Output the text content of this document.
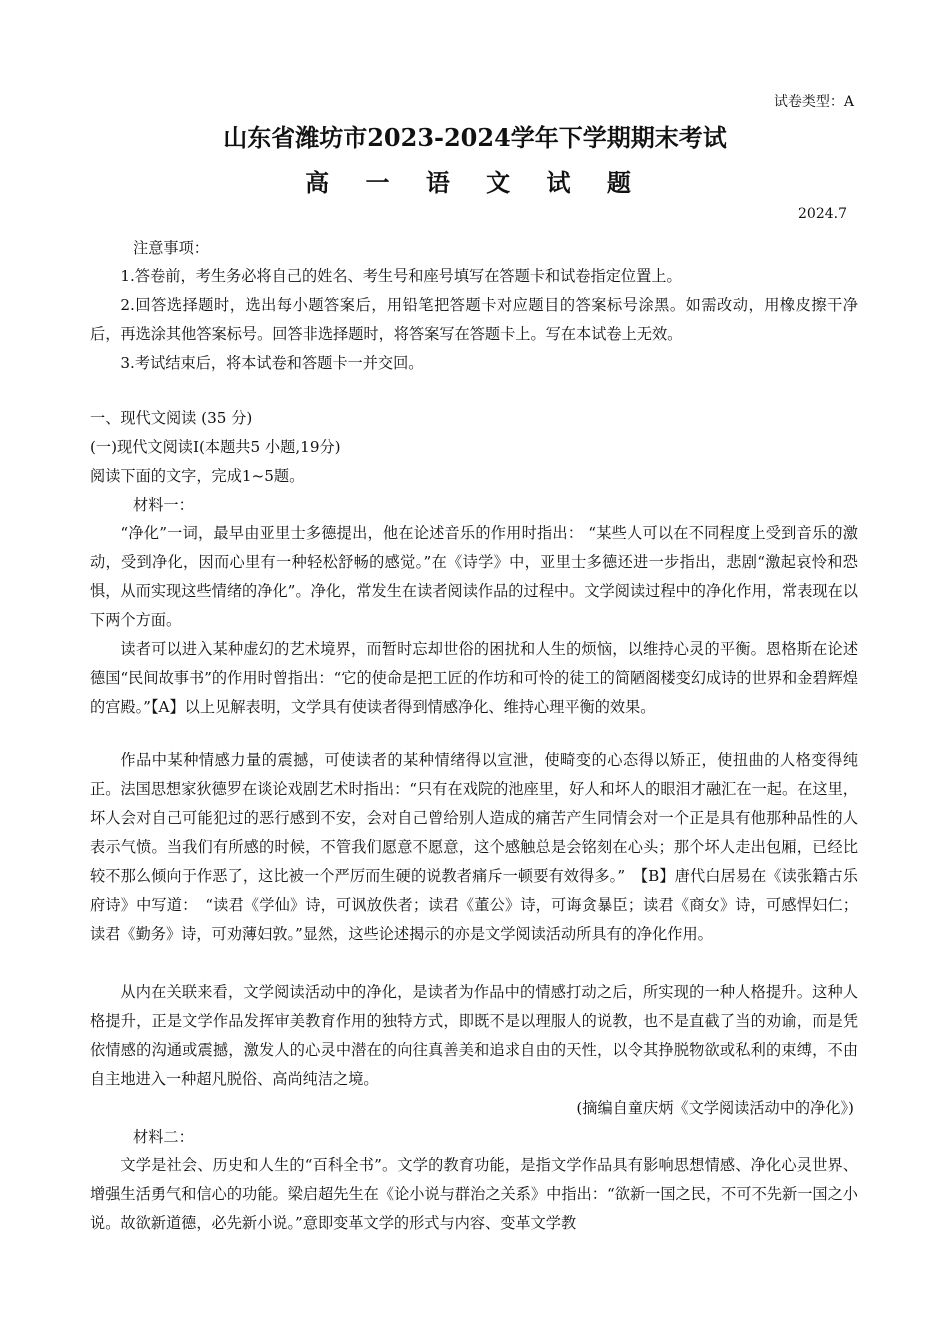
试卷类型：A
山东省潍坊市2023-2024学年下学期期末考试
高 一 语 文 试 题
2024.7
注意事项：
1.答卷前，考生务必将自己的姓名、考生号和座号填写在答题卡和试卷指定位置上。
2.回答选择题时，选出每小题答案后，用铅笔把答题卡对应题目的答案标号涂黑。如需改动，用橡皮擦干净后，再选涂其他答案标号。回答非选择题时，将答案写在答题卡上。写在本试卷上无效。
3.考试结束后，将本试卷和答题卡一并交回。
一、现代文阅读 (35 分)
(一)现代文阅读Ⅰ(本题共5 小题,19分)
阅读下面的文字，完成1~5题。
材料一：
“净化”一词，最早由亚里士多德提出，他在论述音乐的作用时指出： “某些人可以在不同程度上受到音乐的激动，受到净化，因而心里有一种轻松舒畅的感觉。”在《诗学》中，亚里士多德还进一步指出，悲剧“激起哀怜和恐惧，从而实现这些情绪的净化”。净化，常发生在读者阅读作品的过程中。文学阅读过程中的净化作用，常表现在以下两个方面。
读者可以进入某种虚幻的艺术境界，而暂时忘却世俗的困扰和人生的烦恼，以维持心灵的平衡。恩格斯在论述德国“民间故事书”的作用时曾指出：“它的使命是把工匠的作坊和可怜的徒工的简陋阁楼变幻成诗的世界和金碧辉煌的宫殿。”【A】以上见解表明，文学具有使读者得到情感净化、维持心理平衡的效果。
作品中某种情感力量的震撼，可使读者的某种情绪得以宣泄，使畸变的心态得以矫正，使扭曲的人格变得纯正。法国思想家狄德罗在谈论戏剧艺术时指出：“只有在戏院的池座里，好人和坏人的眼泪才融汇在一起。在这里，坏人会对自己可能犯过的恶行感到不安，会对自己曾给别人造成的痛苦产生同情会对一个正是具有他那种品性的人表示气愤。当我们有所感的时候，不管我们愿意不愿意，这个感触总是会铭刻在心头；那个坏人走出包厢，已经比较不那么倾向于作恶了，这比被一个严厉而生硬的说教者痛斥一顿要有效得多。”　【B】唐代白居易在《读张籍古乐府诗》中写道：　“读君《学仙》诗，可讽放佚者；读君《董公》诗，可诲贪暴臣；读君《商女》诗，可感悍妇仁；读君《勤务》诗，可劝薄妇敦。”显然，这些论述揭示的亦是文学阅读活动所具有的净化作用。
从内在关联来看，文学阅读活动中的净化，是读者为作品中的情感打动之后，所实现的一种人格提升。这种人格提升，正是文学作品发挥审美教育作用的独特方式，即既不是以理服人的说教，也不是直截了当的劝谕，而是凭依情感的沟通或震撼，激发人的心灵中潜在的向往真善美和追求自由的天性，以令其挣脱物欲或私利的束缚，不由自主地进入一种超凡脱俗、高尚纯洁之境。
(摘编自童庆炳《文学阅读活动中的净化》)
材料二：
文学是社会、历史和人生的“百科全书”。文学的教育功能，是指文学作品具有影响思想情感、净化心灵世界、增强生活勇气和信心的功能。梁启超先生在《论小说与群治之关系》中指出：“欲新一国之民，不可不先新一国之小说。故欲新道德，必先新小说。”意即变革文学的形式与内容、变革文学教
